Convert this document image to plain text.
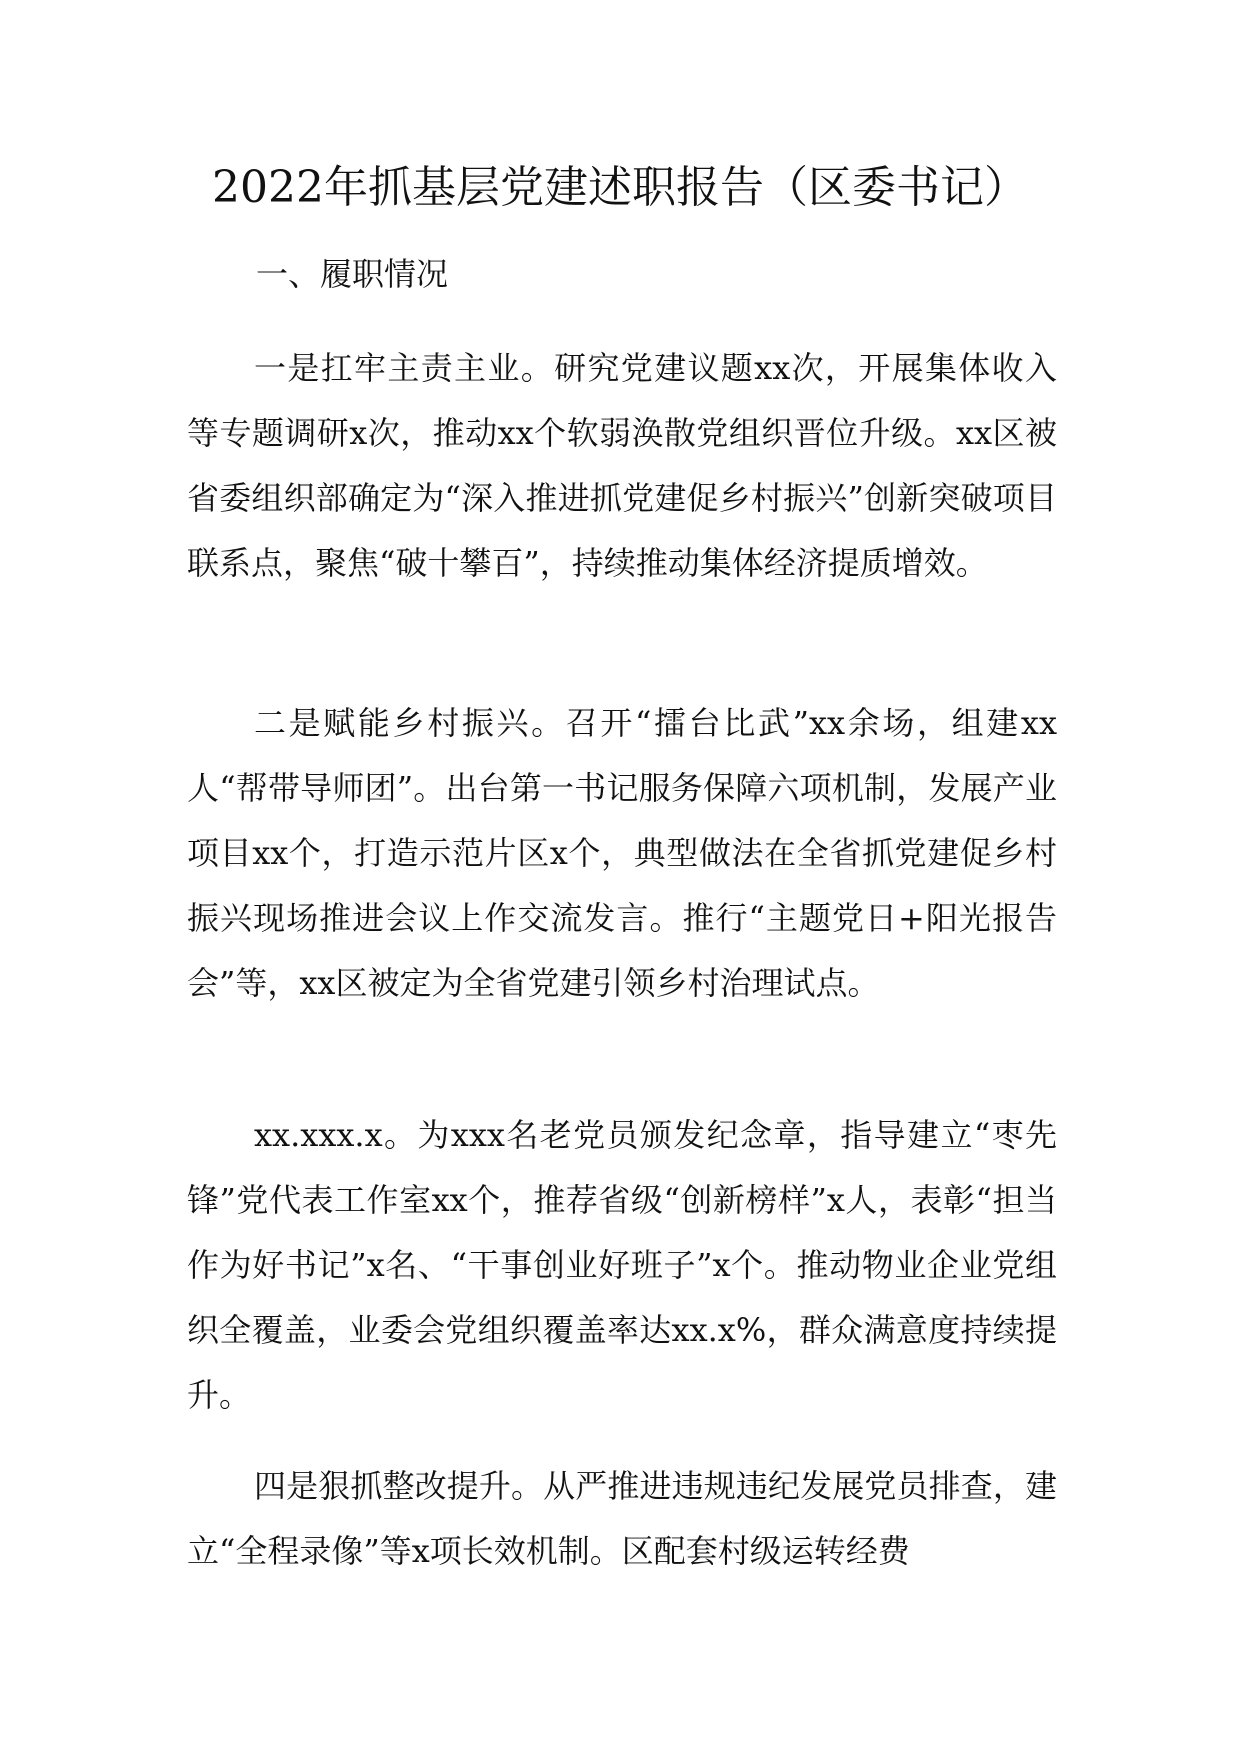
2022年抓基层党建述职报告（区委书记）

一、履职情况

一是扛牢主责主业。研究党建议题xx次，开展集体收入等专题调研x次，推动xx个软弱涣散党组织晋位升级。xx区被省委组织部确定为“深入推进抓党建促乡村振兴”创新突破项目联系点，聚焦“破十攀百”，持续推动集体经济提质增效。

二是赋能乡村振兴。召开“擂台比武”xx余场，组建xx人“帮带导师团”。出台第一书记服务保障六项机制，发展产业项目xx个，打造示范片区x个，典型做法在全省抓党建促乡村振兴现场推进会议上作交流发言。推行“主题党日+阳光报告会”等，xx区被定为全省党建引领乡村治理试点。

xx.xxx.x。为xxx名老党员颁发纪念章，指导建立“枣先锋”党代表工作室xx个，推荐省级“创新榜样”x人，表彰“担当作为好书记”x名、“干事创业好班子”x个。推动物业企业党组织全覆盖，业委会党组织覆盖率达xx.x%，群众满意度持续提升。

四是狠抓整改提升。从严推进违规违纪发展党员排查，建立“全程录像”等x项长效机制。区配套村级运转经费
